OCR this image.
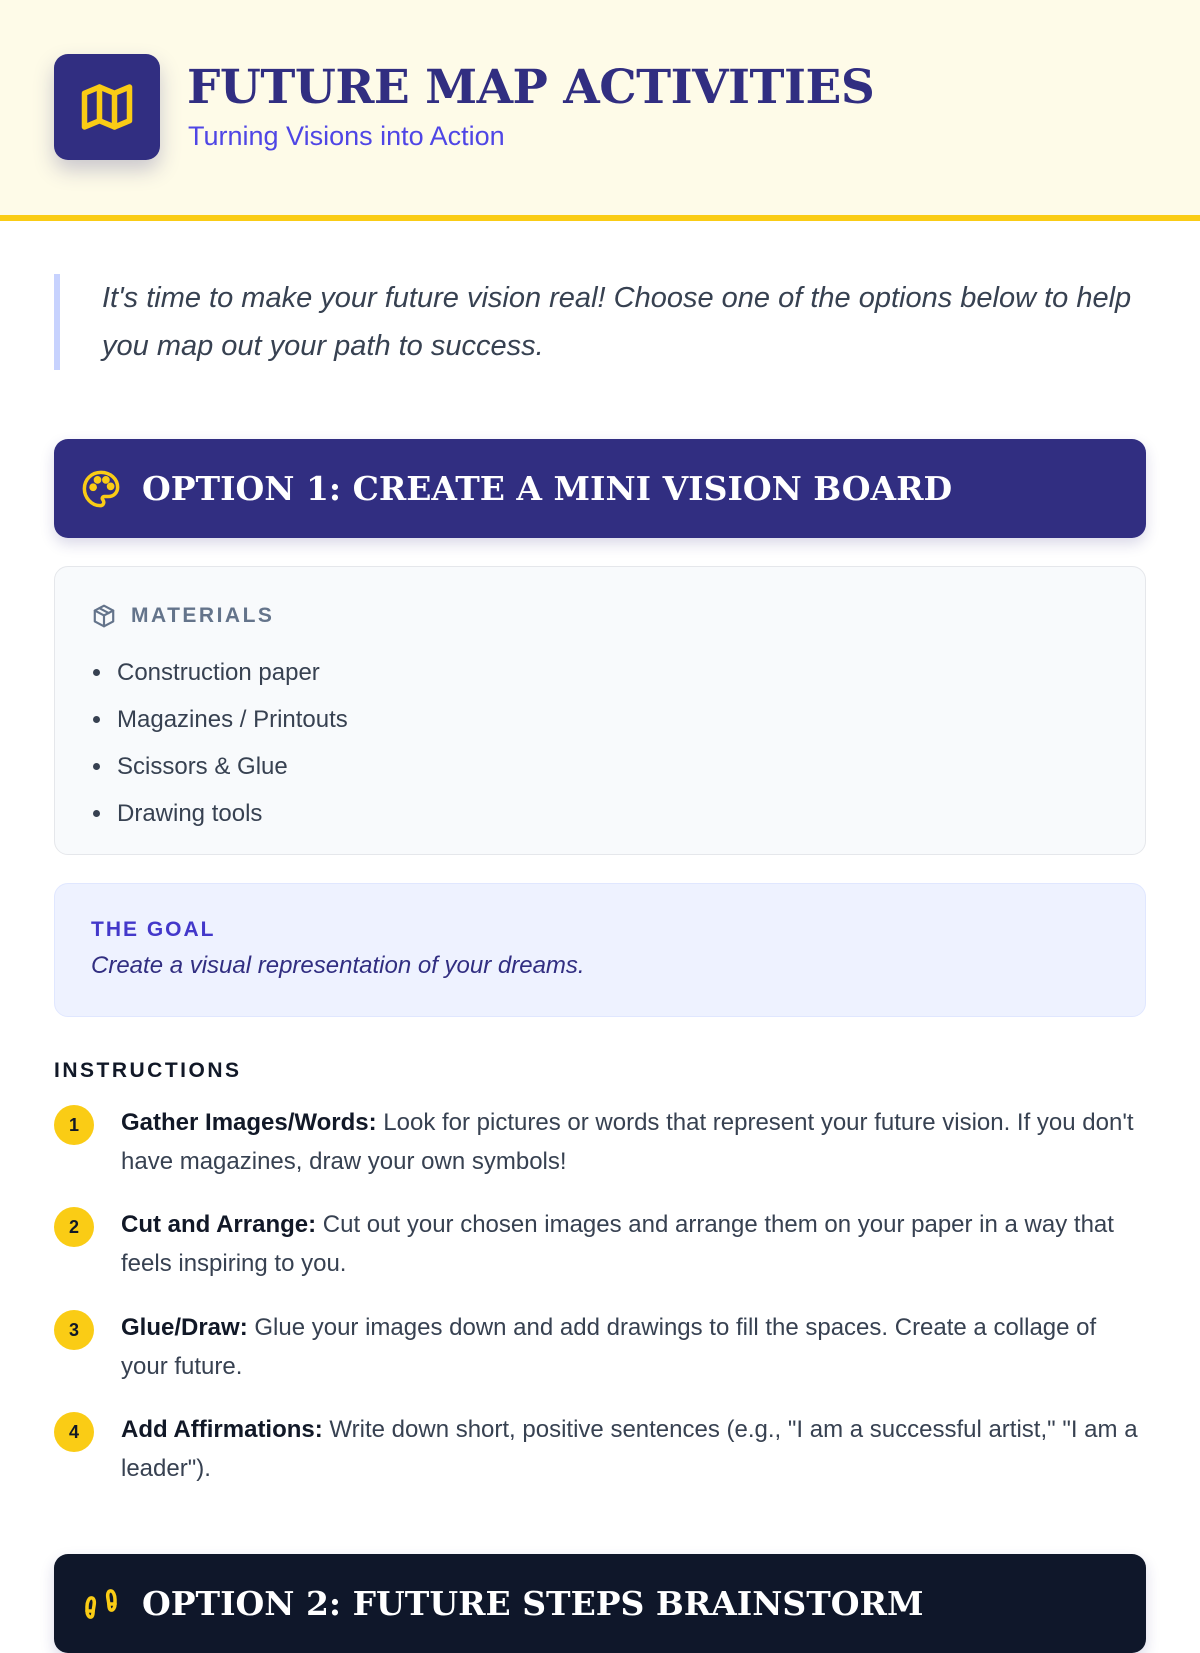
FUTURE MAP ACTIVITIES
Turning Visions into Action

It's time to make your future vision real! Choose one of the options below to help you map out your path to success.

OPTION 1: CREATE A MINI VISION BOARD
MATERIALS
Construction paper
Magazines / Printouts
Scissors & Glue
Drawing tools
THE GOAL
Create a visual representation of your dreams.
INSTRUCTIONS
1	Gather Images/Words: Look for pictures or words that represent your future vision. If you don't have magazines, draw your own symbols!
2	Cut and Arrange: Cut out your chosen images and arrange them on your paper in a way that feels inspiring to you.
3	Glue/Draw: Glue your images down and add drawings to fill the spaces. Create a collage of your future.
4	Add Affirmations: Write down short, positive sentences (e.g., "I am a successful artist," "I am a leader").
OPTION 2: FUTURE STEPS BRAINSTORM
